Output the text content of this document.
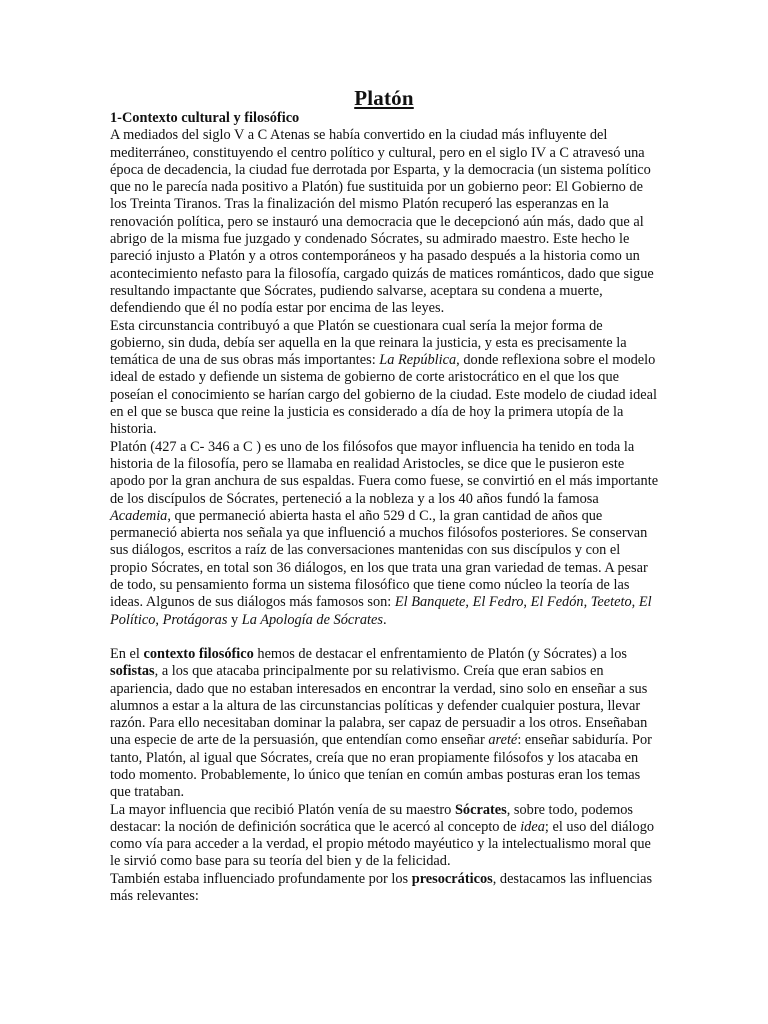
Platón

1-Contexto cultural y filosófico

A mediados del siglo V a C Atenas se había convertido en la ciudad más influyente del mediterráneo, constituyendo el centro político y cultural, pero en el siglo IV a C atravesó una época de decadencia, la ciudad fue derrotada por Esparta, y la democracia (un sistema político que no le parecía nada positivo a Platón) fue sustituida por un gobierno peor: El Gobierno de los Treinta Tiranos. Tras la finalización del mismo Platón recuperó las esperanzas en la renovación política, pero se instauró una democracia que le decepcionó aún más, dado que al abrigo de la misma fue juzgado y condenado Sócrates, su admirado maestro. Este hecho le pareció injusto a Platón y a otros contemporáneos y ha pasado después a la historia como un acontecimiento nefasto para la filosofía, cargado quizás de matices románticos, dado que sigue resultando impactante que Sócrates, pudiendo salvarse, aceptara su condena a muerte, defendiendo que él no podía estar por encima de las leyes.

Esta circunstancia contribuyó a que Platón se cuestionara cual sería la mejor forma de gobierno, sin duda, debía ser aquella en la que reinara la justicia, y esta es precisamente la temática de una de sus obras más importantes: La República, donde reflexiona sobre el modelo ideal de estado y defiende un sistema de gobierno de corte aristocrático en el que los que poseían el conocimiento se harían cargo del gobierno de la ciudad. Este modelo de ciudad ideal en el que se busca que reine la justicia es considerado a día de hoy la primera utopía de la historia.

Platón (427 a C- 346 a C ) es uno de los filósofos que mayor influencia ha tenido en toda la historia de la filosofía, pero se llamaba en realidad Aristocles, se dice que le pusieron este apodo por la gran anchura de sus espaldas. Fuera como fuese, se convirtió en el más importante de los discípulos de Sócrates, perteneció a la nobleza y a los 40 años fundó la famosa Academia, que permaneció abierta hasta el año 529 d C., la gran cantidad de años que permaneció abierta nos señala ya que influenció a muchos filósofos posteriores. Se conservan sus diálogos, escritos a raíz de las conversaciones mantenidas con sus discípulos y con el propio Sócrates, en total son 36 diálogos, en los que trata una gran variedad de temas. A pesar de todo, su pensamiento forma un sistema filosófico que tiene como núcleo la teoría de las ideas. Algunos de sus diálogos más famosos son: El Banquete, El Fedro, El Fedón, Teeteto, El Político, Protágoras y La Apología de Sócrates.

En el contexto filosófico hemos de destacar el enfrentamiento de Platón (y Sócrates) a los sofistas, a los que atacaba principalmente por su relativismo. Creía que eran sabios en apariencia, dado que no estaban interesados en encontrar la verdad, sino solo en enseñar a sus alumnos a estar a la altura de las circunstancias políticas y defender cualquier postura, llevar razón. Para ello necesitaban dominar la palabra, ser capaz de persuadir a los otros. Enseñaban una especie de arte de la persuasión, que entendían como enseñar areté: enseñar sabiduría. Por tanto, Platón, al igual que Sócrates, creía que no eran propiamente filósofos y los atacaba en todo momento. Probablemente, lo único que tenían en común ambas posturas eran los temas que trataban.

La mayor influencia que recibió Platón venía de su maestro Sócrates, sobre todo, podemos destacar: la noción de definición socrática que le acercó al concepto de idea; el uso del diálogo como vía para acceder a la verdad, el propio método mayéutico y la intelectualismo moral que le sirvió como base para su teoría del bien y de la felicidad.

También estaba influenciado profundamente por los presocráticos, destacamos las influencias más relevantes:
